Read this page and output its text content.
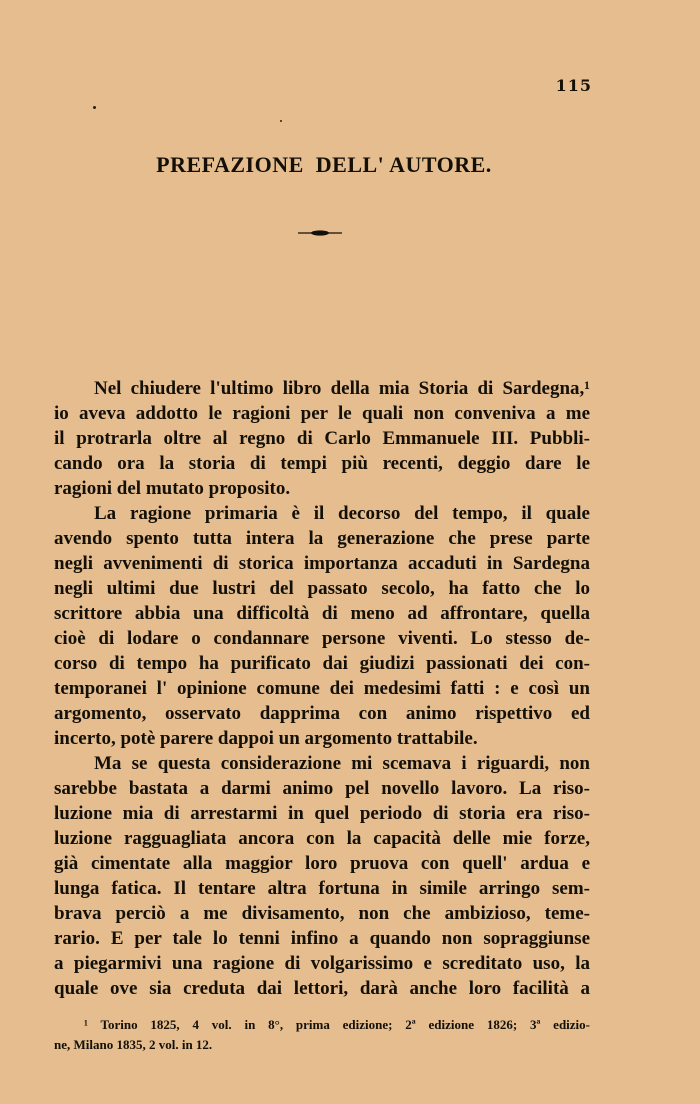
115
PREFAZIONE  DELL' AUTORE.
Nel chiudere l'ultimo libro della mia Storia di Sardegna,¹
io aveva addotto le ragioni per le quali non conveniva a me
il protrarla oltre al regno di Carlo Emmanuele III. Pubbli-
cando ora la storia di tempi più recenti, deggio dare le
ragioni del mutato proposito.
La ragione primaria è il decorso del tempo, il quale
avendo spento tutta intera la generazione che prese parte
negli avvenimenti di storica importanza accaduti in Sardegna
negli ultimi due lustri del passato secolo, ha fatto che lo
scrittore abbia una difficoltà di meno ad affrontare, quella
cioè di lodare o condannare persone viventi. Lo stesso de-
corso di tempo ha purificato dai giudizi passionati dei con-
temporanei l' opinione comune dei medesimi fatti : e così un
argomento, osservato dapprima con animo rispettivo ed
incerto, potè parere dappoi un argomento trattabile.
Ma se questa considerazione mi scemava i riguardi, non
sarebbe bastata a darmi animo pel novello lavoro. La riso-
luzione mia di arrestarmi in quel periodo di storia era riso-
luzione ragguagliata ancora con la capacità delle mie forze,
già cimentate alla maggior loro pruova con quell' ardua e
lunga fatica. Il tentare altra fortuna in simile arringo sem-
brava perciò a me divisamento, non che ambizioso, teme-
rario. E per tale lo tenni infino a quando non sopraggiunse
a piegarmivi una ragione di volgarissimo e screditato uso, la
quale ove sia creduta dai lettori, darà anche loro facilità a
¹ Torino 1825, 4 vol. in 8°, prima edizione; 2ª edizione 1826; 3ª edizio-
ne, Milano 1835, 2 vol. in 12.
